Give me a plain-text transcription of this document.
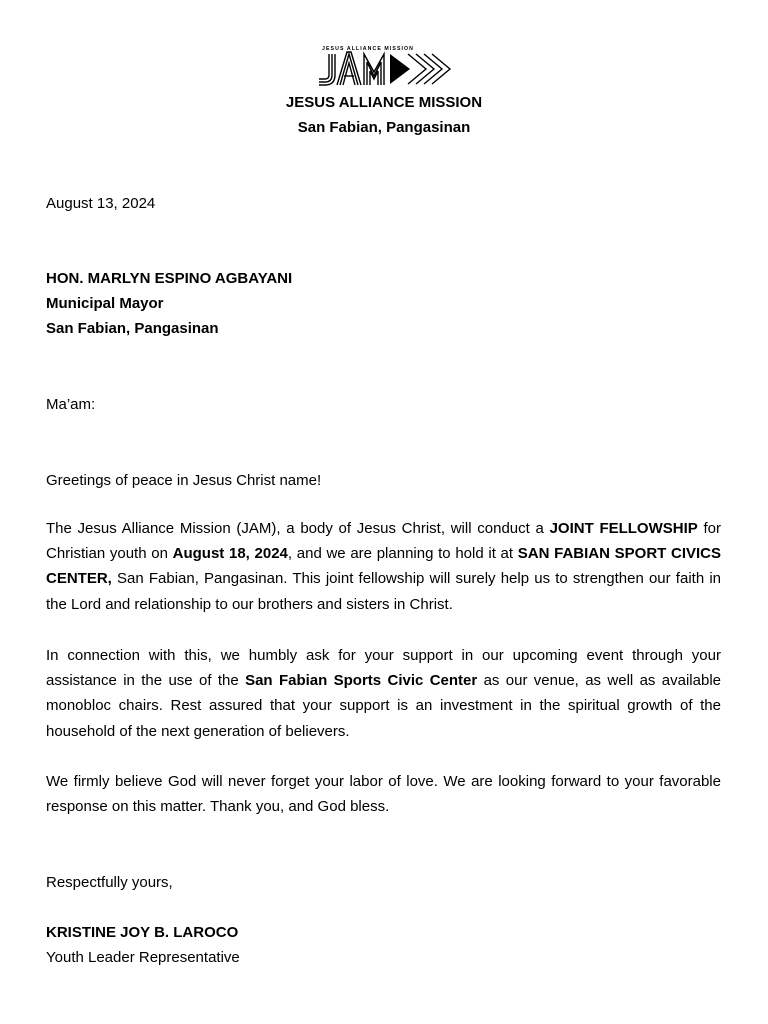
JESUS ALLIANCE MISSION
JESUS ALLIANCE MISSION
San Fabian, Pangasinan
August 13, 2024
HON. MARLYN ESPINO AGBAYANI
Municipal Mayor
San Fabian, Pangasinan
Ma’am:
Greetings of peace in Jesus Christ name!
The Jesus Alliance Mission (JAM), a body of Jesus Christ, will conduct a JOINT FELLOWSHIP for Christian youth on August 18, 2024, and we are planning to hold it at SAN FABIAN SPORT CIVICS CENTER, San Fabian, Pangasinan. This joint fellowship will surely help us to strengthen our faith in the Lord and relationship to our brothers and sisters in Christ.
In connection with this, we humbly ask for your support in our upcoming event through your assistance in the use of the San Fabian Sports Civic Center as our venue, as well as available monobloc chairs. Rest assured that your support is an investment in the spiritual growth of the household of the next generation of believers.
We firmly believe God will never forget your labor of love. We are looking forward to your favorable response on this matter. Thank you, and God bless.
Respectfully yours,
KRISTINE JOY B. LAROCO
Youth Leader Representative
